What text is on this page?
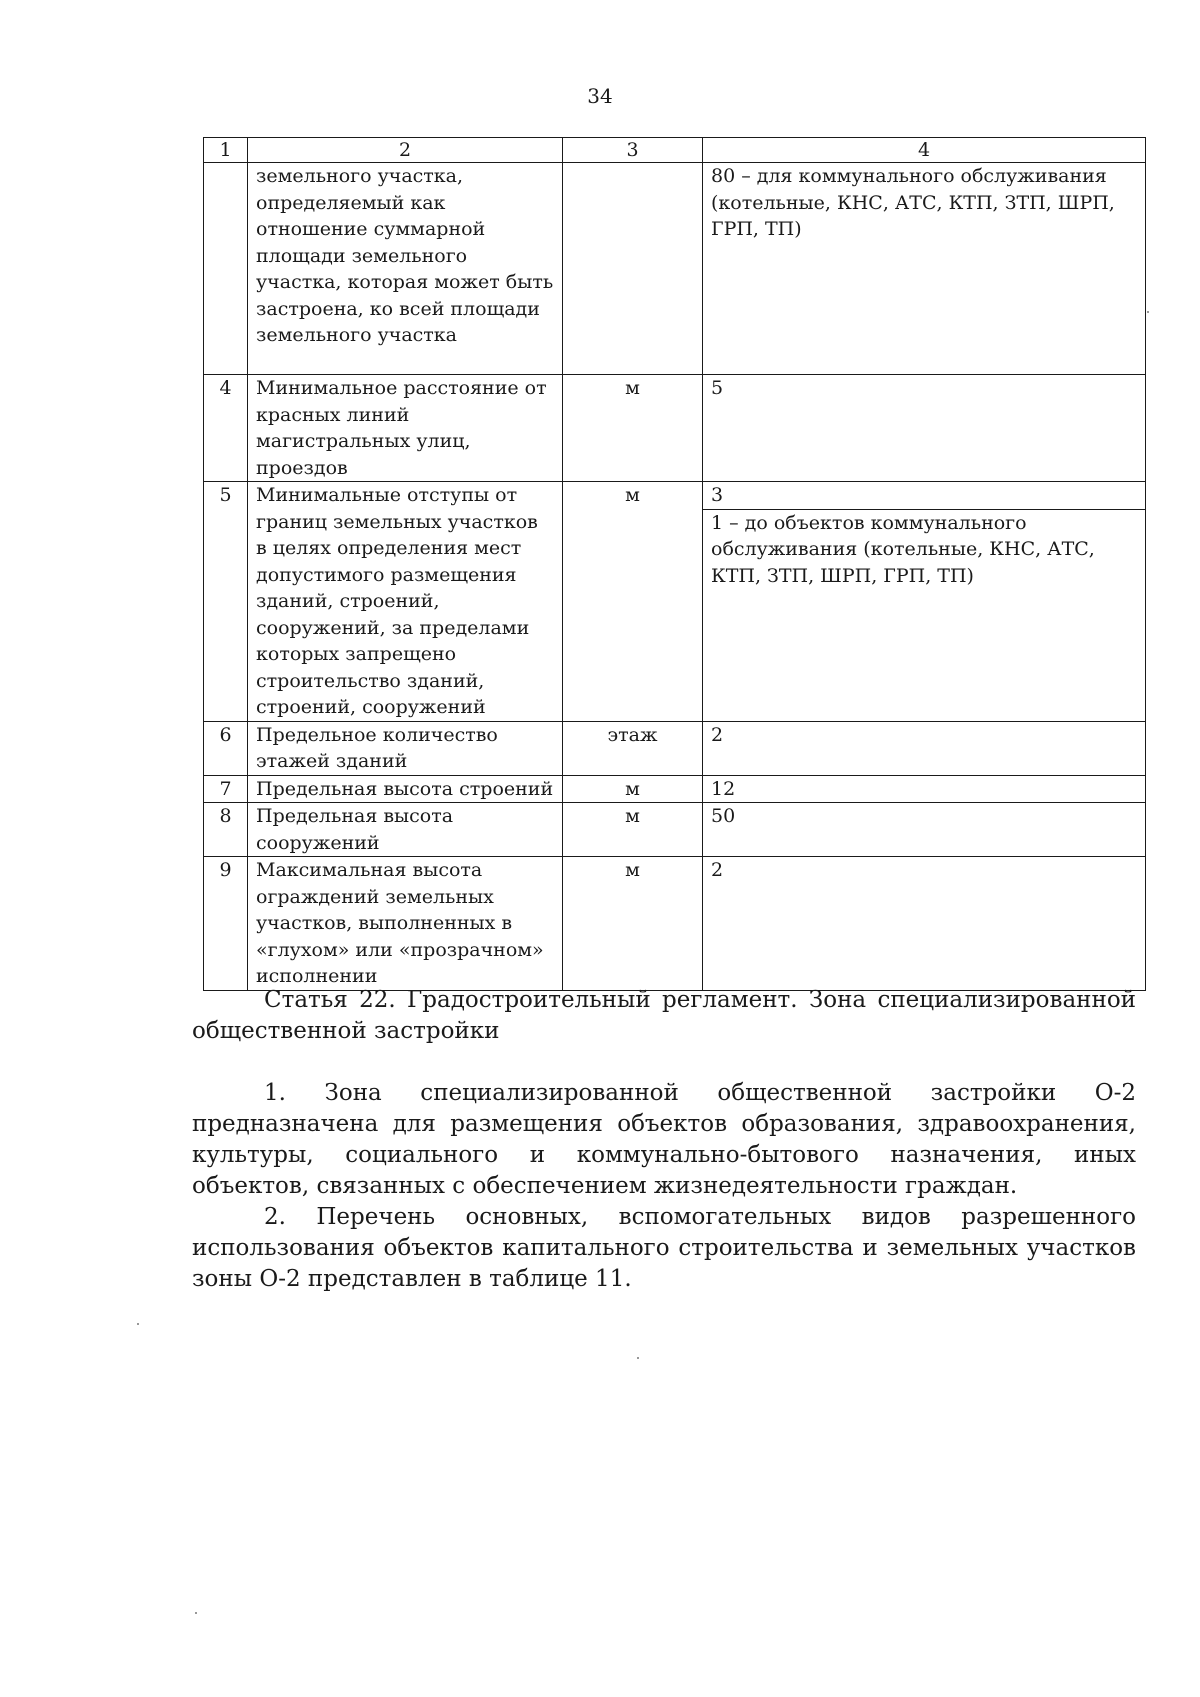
34
1	2	3	4

	земельного участка, определяемый как отношение суммарной площади земельного участка, которая может быть застроена, ко всей площади земельного участка		80 – для коммунального обслуживания (котельные, КНС, АТС, КТП, ЗТП, ШРП, ГРП, ТП)

4	Минимальное расстояние от красных линий магистральных улиц, проездов	м	5
5	Минимальные отступы от границ земельных участков в целях определения мест допустимого размещения зданий, строений, сооружений, за пределами которых запрещено строительство зданий, строений, сооружений	м	3
			1 – до объектов коммунального обслуживания (котельные, КНС, АТС, КТП, ЗТП, ШРП, ГРП, ТП)
6	Предельное количество этажей зданий	этаж	2
7	Предельная высота строений	м	12
8	Предельная высота сооружений	м	50
9	Максимальная высота ограждений земельных участков, выполненных в «глухом» или «прозрачном» исполнении	м	2

Статья 22. Градостроительный регламент. Зона специализированной общественной застройки

1. Зона специализированной общественной застройки О-2 предназначена для размещения объектов образования, здравоохранения, культуры, социального и коммунально-бытового назначения, иных объектов, связанных с обеспечением жизнедеятельности граждан.

2. Перечень основных, вспомогательных видов разрешенного использования объектов капитального строительства и земельных участков зоны О-2 представлен в таблице 11.
